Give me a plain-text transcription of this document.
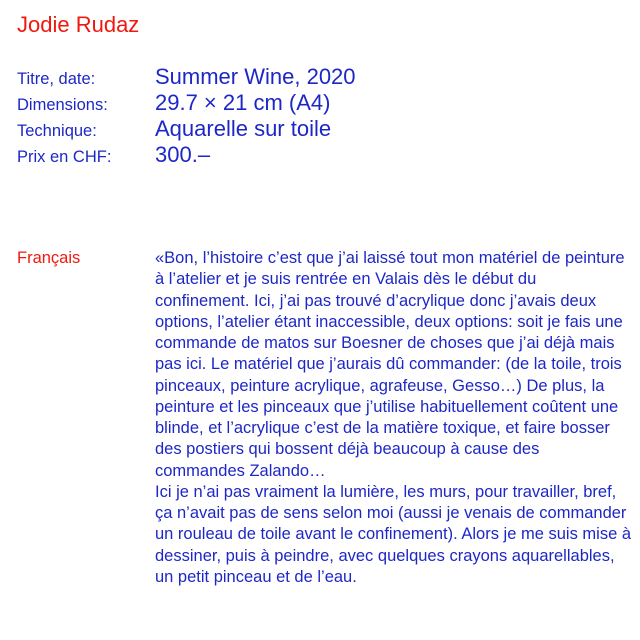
Jodie Rudaz
Titre, date:	Summer Wine, 2020
Dimensions:	29.7 × 21 cm (A4)
Technique:	Aquarelle sur toile
Prix en CHF:	300.–
Français	«Bon, l’histoire c’est que j’ai laissé tout mon matériel de peinture à l’atelier et je suis rentrée en Valais dès le début du confinement. Ici, j’ai pas trouvé d’acrylique donc j’avais deux options, l’atelier étant inaccessible, deux options: soit je fais une commande de matos sur Boesner de choses que j’ai déjà mais pas ici. Le matériel que j’aurais dû commander: (de la toile, trois pinceaux, peinture acrylique, agrafeuse, Gesso…) De plus, la peinture et les pinceaux que j’utilise habituellement coûtent une blinde, et l’acrylique c’est de la matière toxique, et faire bosser des postiers qui bossent déjà beaucoup à cause des commandes Zalando…

Ici je n’ai pas vraiment la lumière, les murs, pour travailler, bref, ça n’avait pas de sens selon moi (aussi je venais de commander un rouleau de toile avant le confinement). Alors je me suis mise à dessiner, puis à peindre, avec quelques crayons aquarellables, un petit pinceau et de l’eau.
